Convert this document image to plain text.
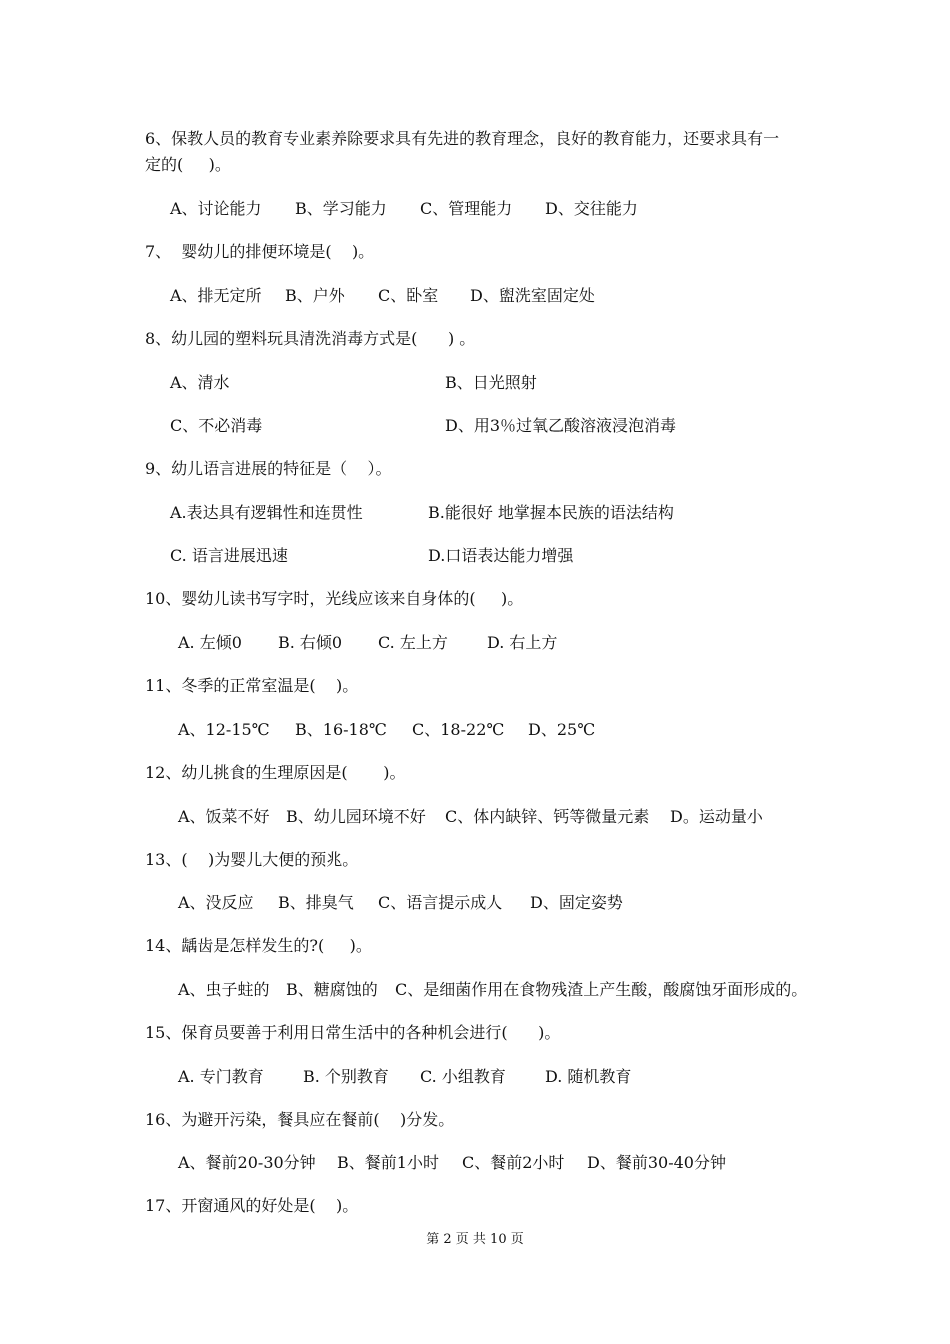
6、保教人员的教育专业素养除要求具有先进的教育理念，良好的教育能力，还要求具有一
定的(     )。
A、讨论能力 B、学习能力 C、管理能力 D、交往能力
7、  婴幼儿的排便环境是(    )。
A、排无定所 B、户外 C、卧室 D、盥洗室固定处
8、幼儿园的塑料玩具清洗消毒方式是(      ) 。
A、清水	B、日光照射
C、不必消毒	D、用3％过氧乙酸溶液浸泡消毒
9、幼儿语言进展的特征是（    ）。
A.表达具有逻辑性和连贯性	B.能很好 地掌握本民族的语法结构
C. 语言进展迅速	D.口语表达能力增强
10、婴幼儿读书写字时，光线应该来自身体的(     )。
A. 左倾0 B. 右倾0 C. 左上方 D. 右上方
11、冬季的正常室温是(    )。
A、12-15℃ B、16-18℃ C、18-22℃ D、25℃
12、幼儿挑食的生理原因是(       )。
A、饭菜不好 B、幼儿园环境不好 C、体内缺锌、钙等微量元素 D。运动量小
13、(    )为婴儿大便的预兆。
A、没反应 B、排臭气 C、语言提示成人 D、固定姿势
14、龋齿是怎样发生的?(     )。
A、虫子蛀的 B、糖腐蚀的 C、是细菌作用在食物残渣上产生酸，酸腐蚀牙面形成的。
15、保育员要善于利用日常生活中的各种机会进行(      )。
A. 专门教育 B. 个别教育 C. 小组教育 D. 随机教育
16、为避开污染，餐具应在餐前(    )分发。
A、餐前20-30分钟 B、餐前1小时 C、餐前2小时 D、餐前30-40分钟
17、开窗通风的好处是(    )。
第 2 页 共 10 页
